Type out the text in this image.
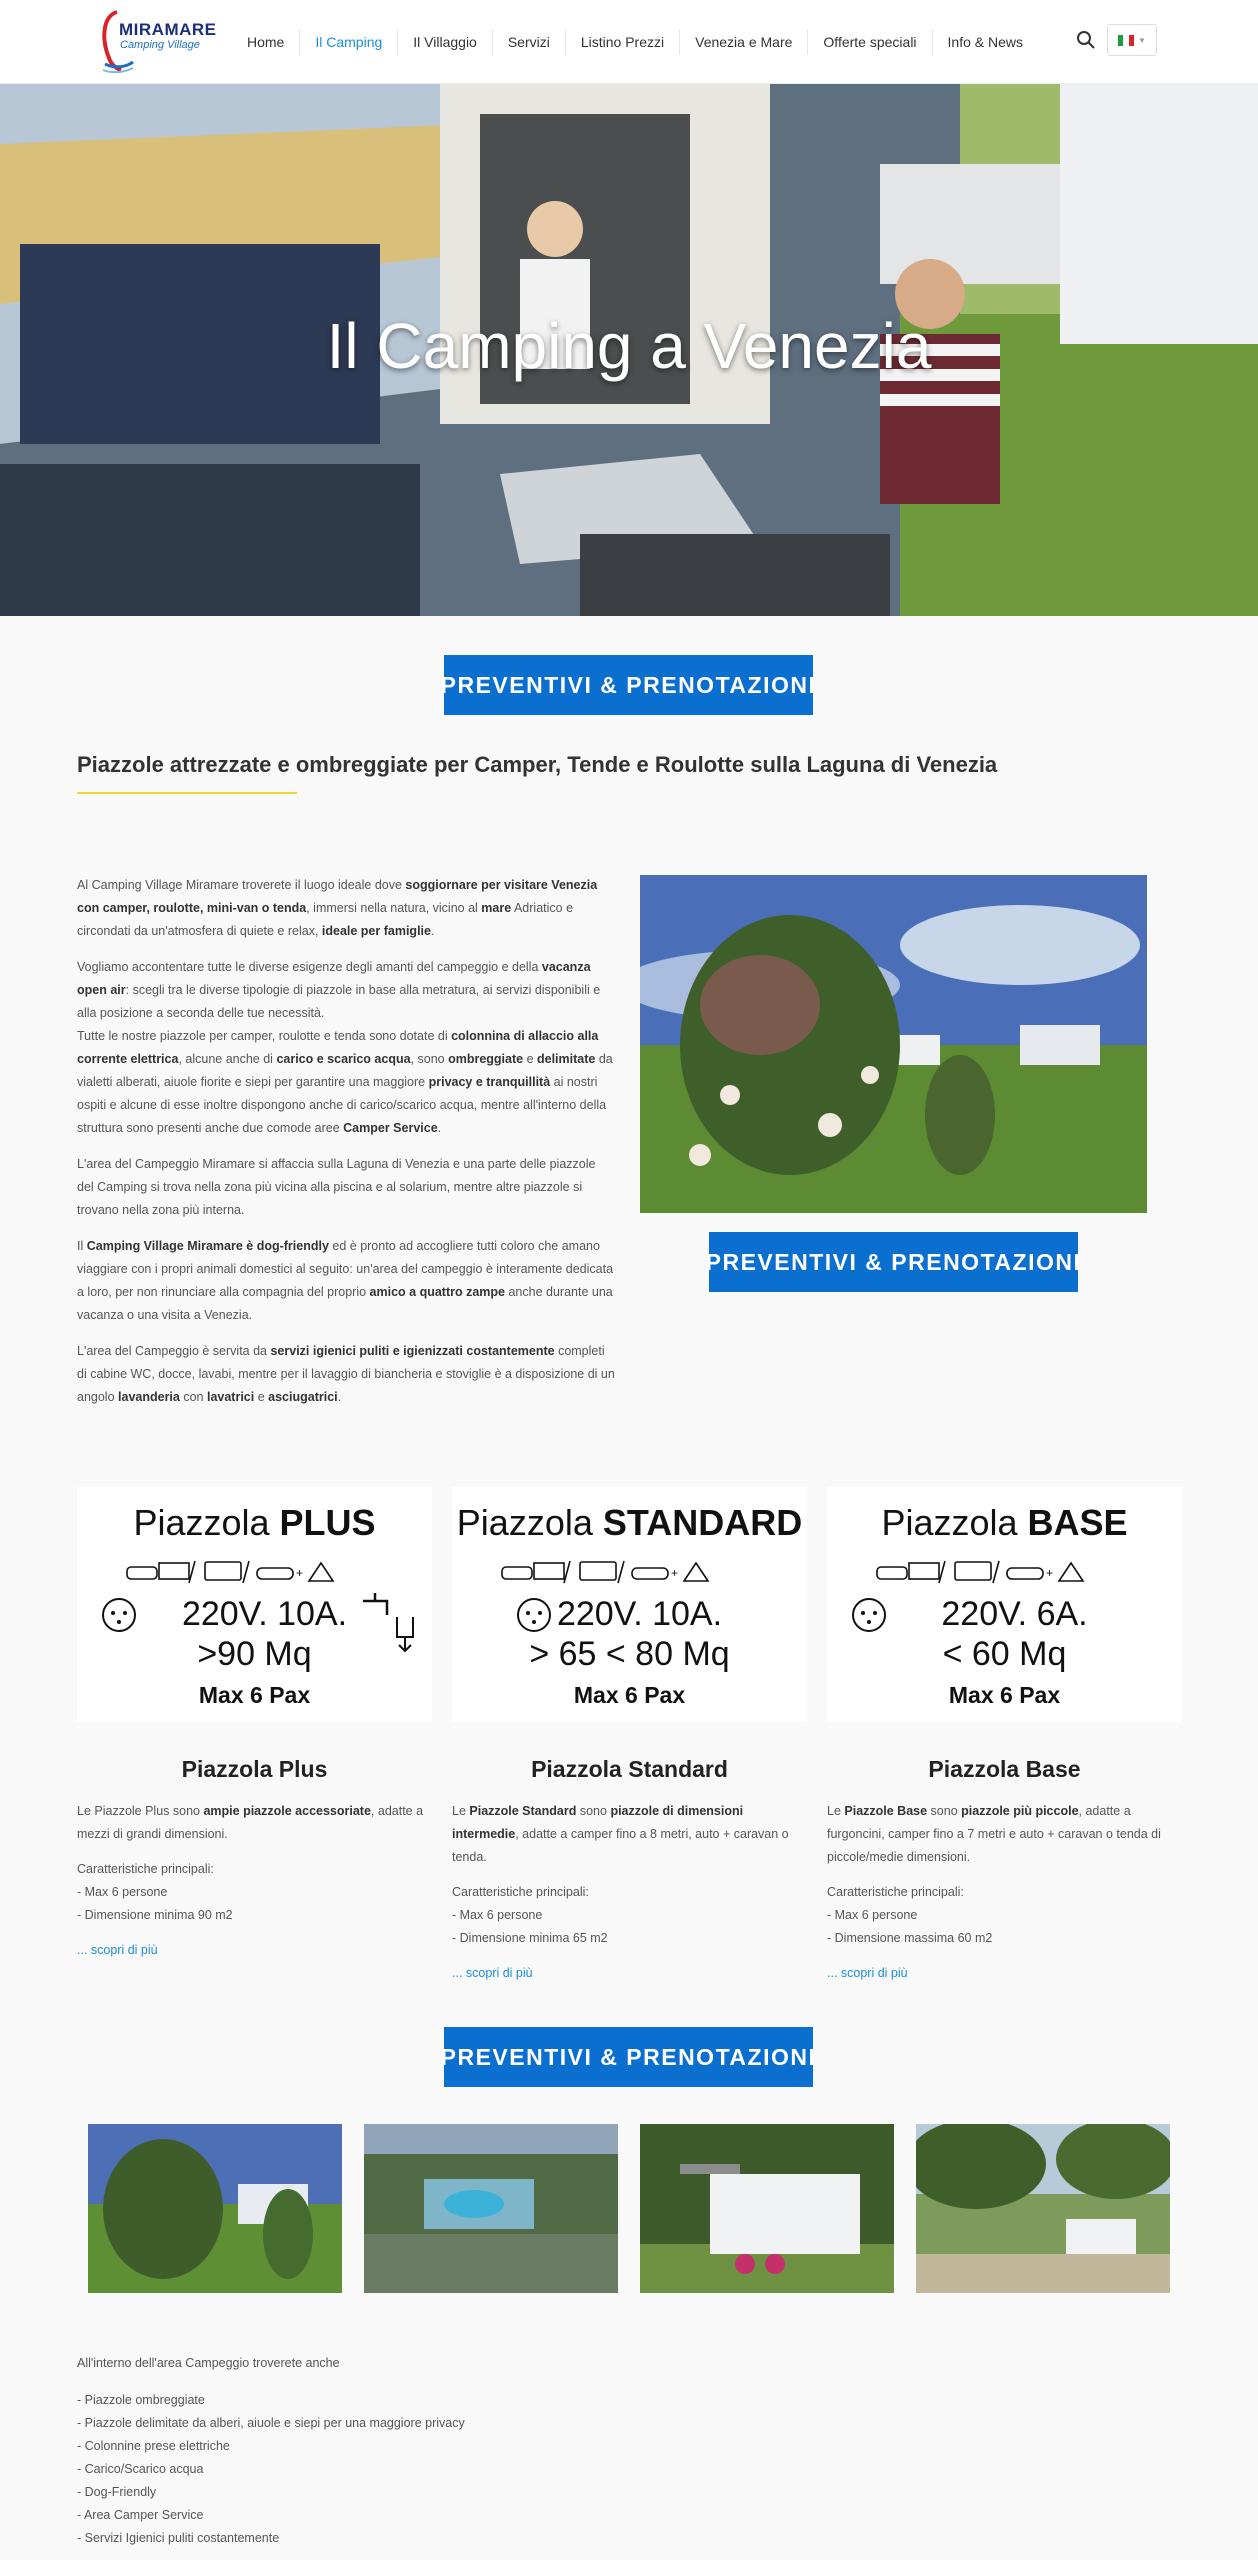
MIRAMARE
Camping Village	Home	Il Camping	Il Villaggio	Servizi	Listino Prezzi	Venezia e Mare	Offerte speciali	Info & News	▼
Il Camping a Venezia
PREVENTIVI & PRENOTAZIONI
Piazzole attrezzate e ombreggiate per Camper, Tende e Roulotte sulla Laguna di Venezia

Al Camping Village Miramare troverete il luogo ideale dove soggiornare per visitare Venezia con camper, roulotte, mini-van o tenda, immersi nella natura, vicino al mare Adriatico e circondati da un'atmosfera di quiete e relax, ideale per famiglie.

Vogliamo accontentare tutte le diverse esigenze degli amanti del campeggio e della vacanza open air: scegli tra le diverse tipologie di piazzole in base alla metratura, ai servizi disponibili e alla posizione a seconda delle tue necessità.

Tutte le nostre piazzole per camper, roulotte e tenda sono dotate di colonnina di allaccio alla corrente elettrica, alcune anche di carico e scarico acqua, sono ombreggiate e delimitate da vialetti alberati, aiuole fiorite e siepi per garantire una maggiore privacy e tranquillità ai nostri ospiti e alcune di esse inoltre dispongono anche di carico/scarico acqua, mentre all'interno della struttura sono presenti anche due comode aree Camper Service.

L'area del Campeggio Miramare si affaccia sulla Laguna di Venezia e una parte delle piazzole del Camping si trova nella zona più vicina alla piscina e al solarium, mentre altre piazzole si trovano nella zona più interna.

Il Camping Village Miramare è dog-friendly ed è pronto ad accogliere tutti coloro che amano viaggiare con i propri animali domestici al seguito: un'area del campeggio è interamente dedicata a loro, per non rinunciare alla compagnia del proprio amico a quattro zampe anche durante una vacanza o una visita a Venezia.

L'area del Campeggio è servita da servizi igienici puliti e igienizzati costantemente completi di cabine WC, docce, lavabi, mentre per il lavaggio di biancheria e stoviglie è a disposizione di un angolo lavanderia con lavatrici e asciugatrici.

PREVENTIVI & PRENOTAZIONI
Piazzola PLUS
+
220V. 10A.
>90 Mq
Max 6 Pax
Piazzola Plus

Le Piazzole Plus sono ampie piazzole accessoriate, adatte a mezzi di grandi dimensioni.

Caratteristiche principali:
- Max 6 persone
- Dimensione minima 90 m2

... scopri di più
Piazzola STANDARD
+
220V. 10A.
> 65 < 80 Mq
Max 6 Pax
Piazzola Standard

Le Piazzole Standard sono piazzole di dimensioni intermedie, adatte a camper fino a 8 metri, auto + caravan o tenda.

Caratteristiche principali:
- Max 6 persone
- Dimensione minima 65 m2

... scopri di più
Piazzola BASE
+
220V. 6A.
< 60 Mq
Max 6 Pax
Piazzola Base

Le Piazzole Base sono piazzole più piccole, adatte a furgoncini, camper fino a 7 metri e auto + caravan o tenda di piccole/medie dimensioni.

Caratteristiche principali:
- Max 6 persone
- Dimensione massima 60 m2

... scopri di più
PREVENTIVI & PRENOTAZIONI
All'interno dell'area Campeggio troverete anche
- Piazzole ombreggiate
- Piazzole delimitate da alberi, aiuole e siepi per una maggiore privacy
- Colonnine prese elettriche
- Carico/Scarico acqua
- Dog-Friendly
- Area Camper Service
- Servizi Igienici puliti costantemente
